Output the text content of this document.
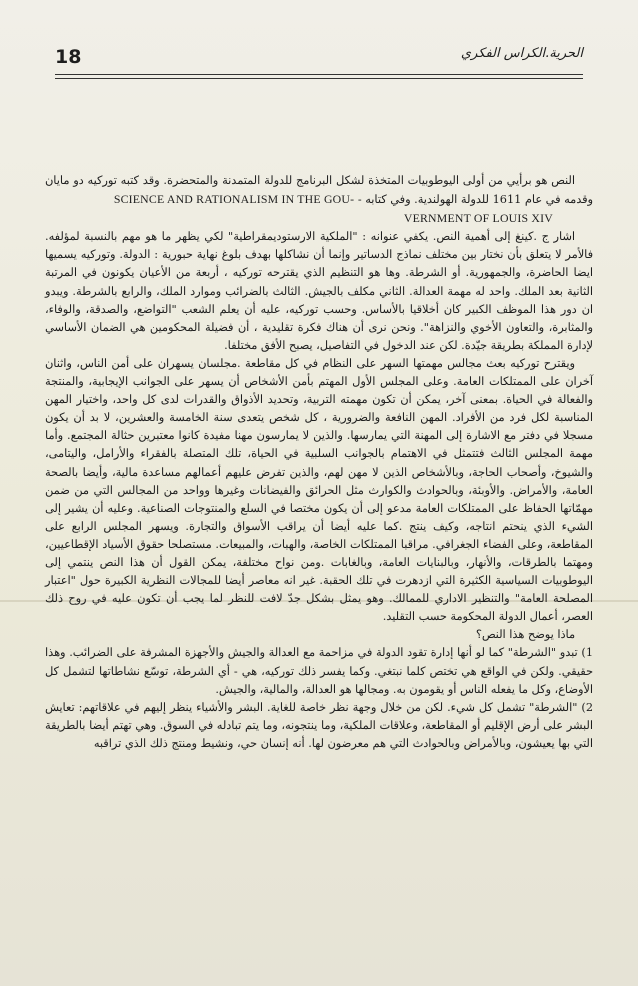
18	الحرية.الكراس الفكري

النص هو برأيي من أولى اليوطوبيات المتخذة لشكل البرنامج للدولة المتمدنة والمتحضرة. وقد كتبه توركيه دو مايان وقدمه في عام 1611 للدولة الهولندية. وفي كتابه - SCIENCE AND RATIONALISM IN THE GOU-

VERNMENT OF LOUIS XIV

اشار ج .كينغ إلى أهمية النص. يكفي عنوانه : "الملكية الارستوديمقراطية" لكي يظهر ما هو مهم بالنسبة لمؤلفه. فالأمر لا يتعلق بأن نختار بين مختلف نماذج الدساتير وإنما أن نشاكلها بهدف بلوغ نهاية حبورية : الدولة. وتوركيه يسميها ايضا الحاضرة، والجمهورية. أو الشرطة. وها هو التنظيم الذي يقترحه توركيه ، أربعة من الأعيان يكونون في المرتبة الثانية بعد الملك. واحد له مهمة العدالة. الثاني مكلف بالجيش. الثالث بالضرائب وموارد الملك، والرابع بالشرطة. ويبدو ان دور هذا الموظف الكبير كان أخلاقيا بالأساس. وحسب توركيه، عليه أن يعلم الشعب "التواضع، والصدقة، والوفاء، والمثابرة، والتعاون الأخوي والنزاهة". ونحن نرى أن هناك فكرة تقليدية ، أن فضيلة المحكومين هي الضمان الأساسي لإدارة المملكة بطريقة جيّدة. لكن عند الدخول في التفاصيل، يصبح الأفق مختلفا.

ويقترح توركيه بعث مجالس مهمتها السهر على النظام في كل مقاطعة .مجلسان يسهران على أمن الناس، واثنان آخران على الممتلكات العامة. وعلى المجلس الأول المهتم بأمن الأشخاص أن يسهر على الجوانب الإيجابية، والمنتجة والفعالة في الحياة. بمعنى آخر، يمكن أن تكون مهمته التربية، وتحديد الأذواق والقدرات لدى كل واحد، واختيار المهن المناسبة لكل فرد من الأفراد. المهن النافعة والضرورية ، كل شخص يتعدى سنة الخامسة والعشرين، لا بد أن يكون مسجلا في دفتر مع الاشارة إلى المهنة التي يمارسها. والذين لا يمارسون مهنا مفيدة كانوا معتبرين حثالة المجتمع. وأما مهمة المجلس الثالث فتتمثل في الاهتمام بالجوانب السلبية في الحياة، تلك المتصلة بالفقراء والأرامل، واليتامى، والشيوخ، وأصحاب الحاجة، وبالأشخاص الذين لا مهن لهم، والذين تفرض عليهم أعمالهم مساعدة مالية، وأيضا بالصحة العامة، والأمراض. والأوبئة، وبالحوادث والكوارث مثل الحرائق والفيضانات وغيرها وواحد من المجالس التي من ضمن مهمّاتها الحفاظ على الممتلكات العامة مدعو إلى أن يكون مختصا في السلع والمنتوجات الصناعية. وعليه أن يشير إلى الشيء الذي ينحتم انتاجه، وكيف ينتج .كما عليه أيضا أن يراقب الأسواق والتجارة. ويسهر المجلس الرابع على المقاطعة، وعلى الفضاء الجغرافي. مراقبا الممتلكات الخاصة، والهبات، والمبيعات. مستصلحا حقوق الأسياد الإقطاعيين، ومهتما بالطرقات، والأنهار، وبالبنايات العامة، وبالغابات .ومن نواح مختلفة، يمكن القول أن هذا النص ينتمي إلى اليوطوبيات السياسية الكثيرة التي ازدهرت في تلك الحقبة. غير انه معاصر أيضا للمجالات النظرية الكبيرة حول "اعتبار المصلحة العامة" والتنظير الاداري للممالك. وهو يمثل بشكل جدّ لافت للنظر لما يجب أن تكون عليه في روح ذلك العصر، أعمال الدولة المحكومة حسب التقليد.

ماذا يوضح هذا النص؟

1) تبدو "الشرطة" كما لو أنها إدارة تقود الدولة في مزاحمة مع العدالة والجيش والأجهزة المشرفة على الضرائب. وهذا حقيقي. ولكن في الواقع هي تختص كلما نبتغي. وكما يفسر ذلك توركيه، هي - أي الشرطة، توسّع نشاطاتها لتشمل كل الأوضاع، وكل ما يفعله الناس أو يقومون به. ومجالها هو العدالة، والمالية، والجيش.

2) "الشرطة" تشمل كل شيء. لكن من خلال وجهة نظر خاصة للغاية. البشر والأشياء ينظر إليهم في علاقاتهم: تعايش البشر على أرض الإقليم أو المقاطعة، وعلاقات الملكية، وما ينتجونه، وما يتم تبادله في السوق. وهي تهتم أيضا بالطريقة التي بها يعيشون، وبالأمراض وبالحوادث التي هم معرضون لها. أنه إنسان حي، ونشيط ومنتج ذلك الذي تراقبه
